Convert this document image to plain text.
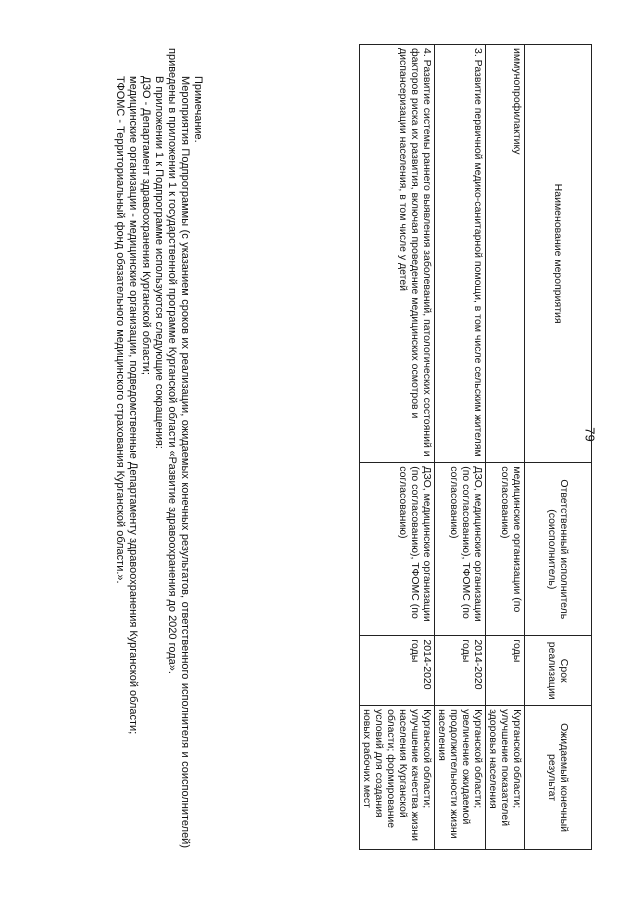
79
Наименование мероприятия	Ответственный исполнитель (соисполнитель)	Срок реализации	Ожидаемый конечный результат
иммунопрофилактику	медицинские организации (по согласованию)	годы	Курганской области; улучшение показателей здоровья населения
3. Развитие первичной медико-санитарной помощи, в том числе сельским жителям	ДЗО, медицинские организации (по согласованию), ТФОМС (по согласованию)	2014-2020 годы	Курганской области; увеличение ожидаемой продолжительности жизни населения
4. Развитие системы раннего выявления заболеваний, патологических состояний и факторов риска их развития, включая проведение медицинских осмотров и диспансеризации населения, в том числе у детей	ДЗО, медицинские организации (по согласованию), ТФОМС (по согласованию)	2014-2020 годы	Курганской области; улучшение качества жизни населения Курганской области; формирование условий для создания новых рабочих мест

Примечание.

Мероприятия Подпрограммы (с указанием сроков их реализации, ожидаемых конечных результатов, ответственного исполнителя и соисполнителей) приведены в приложении 1 к государственной программе Курганской области «Развитие здравоохранения до 2020 года».

В приложении 1 к Подпрограмме используются следующие сокращения:

ДЗО - Департамент здравоохранения Курганской области;

медицинские организации - медицинские организации, подведомственные Департаменту здравоохранения Курганской области;

ТФОМС - Территориальный фонд обязательного медицинского страхования Курганской области.».
